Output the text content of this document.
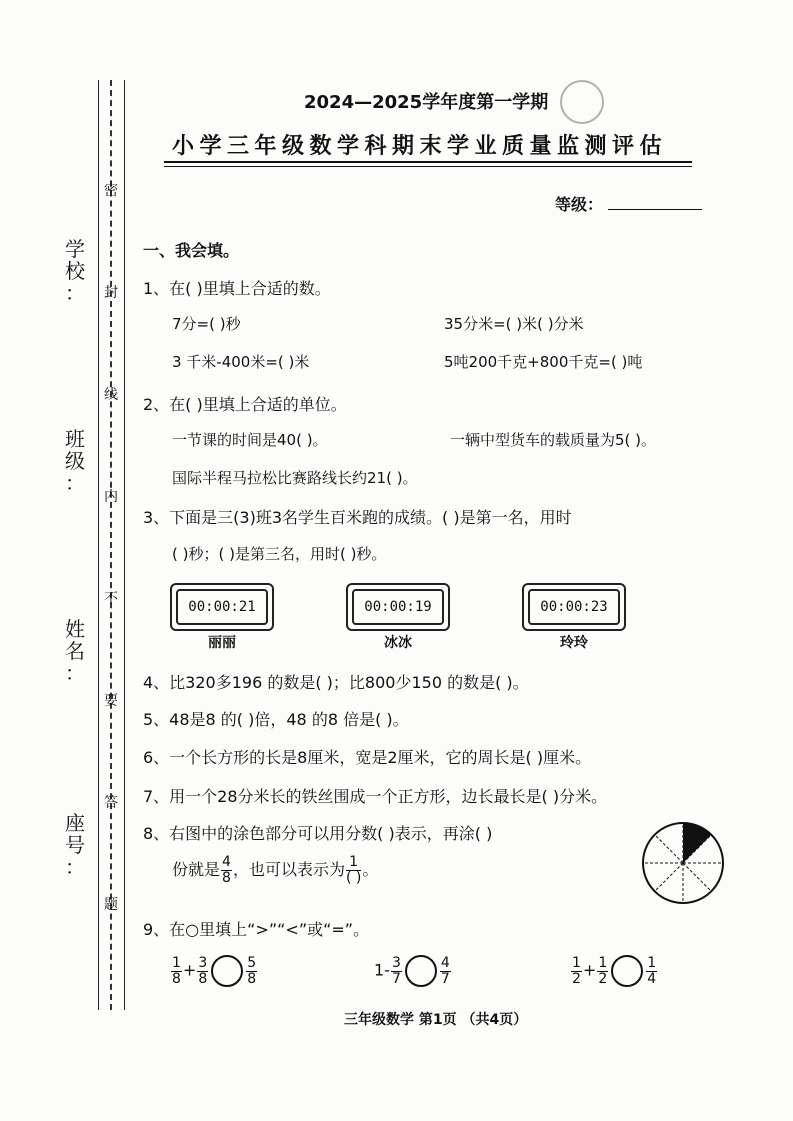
学
校
：
班
级
：
姓
名
：
座
号
：
密
封
线
内
不
要
答
题
2024—2025学年度第一学期
小学三年级数学科期末学业质量监测评估
等级：
一、我会填。
1、在( )里填上合适的数。
7分=( )秒	35分米=( )米( )分米
3 千米-400米=( )米	5吨200千克+800千克=( )吨
2、在( )里填上合适的单位。
一节课的时间是40( )。	一辆中型货车的载质量为5( )。
国际半程马拉松比赛路线长约21( )。
3、下面是三(3)班3名学生百米跑的成绩。( )是第一名，用时
( )秒；( )是第三名，用时( )秒。
00:00:21
丽丽
00:00:19
冰冰
00:00:23
玲玲
4、比320多196 的数是( )；比800少150 的数是( )。
5、48是8 的( )倍，48 的8 倍是( )。
6、一个长方形的长是8厘米，宽是2厘米，它的周长是( )厘米。
7、用一个28分米长的铁丝围成一个正方形，边长最长是( )分米。
8、右图中的涂色部分可以用分数( )表示，再涂( )
份就是 $\frac{4}{8}$ ，也可以表示为 $\frac{1}{( )}$ 。
9、在○里填上“>”“<”或“=”。
$\frac{1}{8} + \frac{3}{8}$	$\frac{5}{8}$	$1- \frac{3}{7}$	$\frac{4}{7}$	$\frac{1}{2} + \frac{1}{2}$	$\frac{1}{4}$
三年级数学 第1页 （共4页）
